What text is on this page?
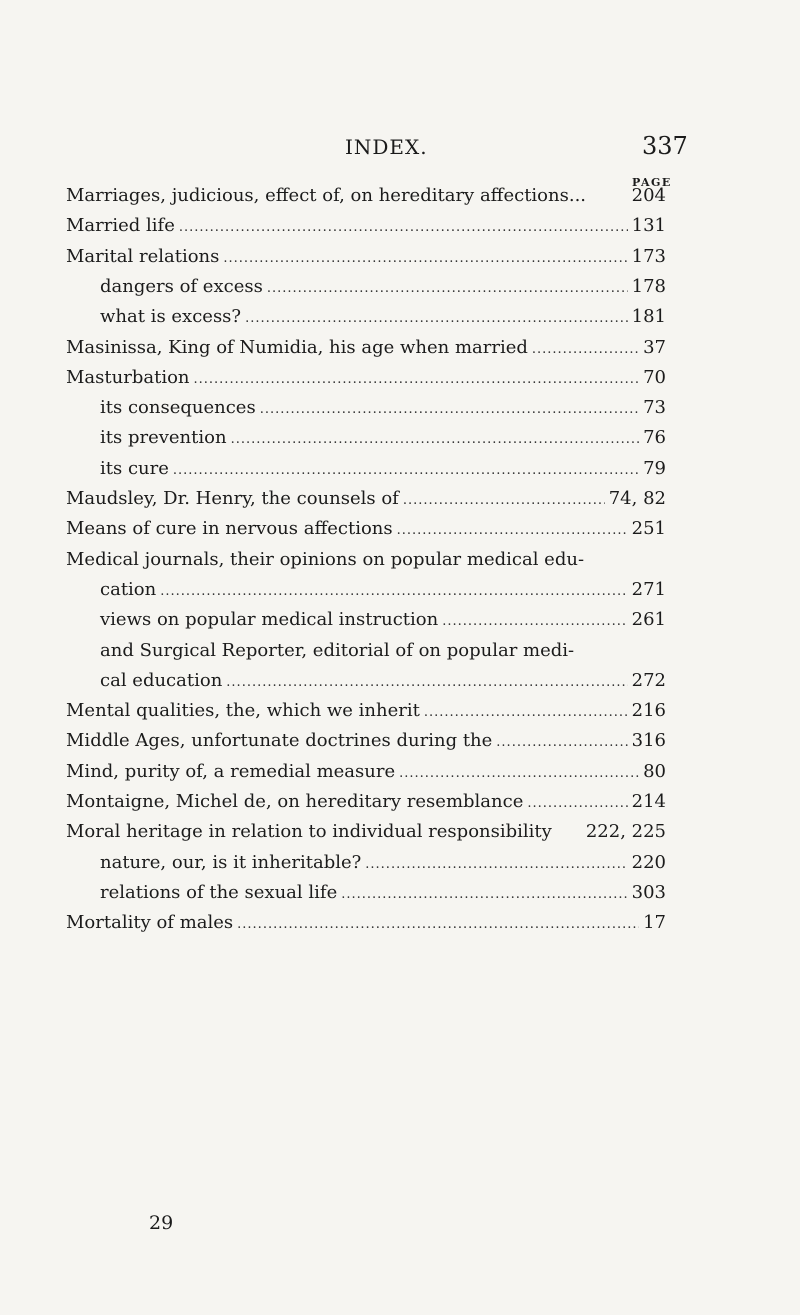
INDEX.	337
PAGE
Marriages, judicious, effect of, on hereditary affections...	204
Married life .....	131
Marital relations .....	173
dangers of excess .....	178
what is excess? .....	181
Masinissa, King of Numidia, his age when married .....	37
Masturbation .....	70
its consequences .....	73
its prevention .....	76
its cure .....	79
Maudsley, Dr. Henry, the counsels of .....	74, 82
Means of cure in nervous affections .....	251
Medical journals, their opinions on popular medical edu-
cation .....	271
views on popular medical instruction .....	261
and Surgical Reporter, editorial of on popular medi-
cal education .....	272
Mental qualities, the, which we inherit .....	216
Middle Ages, unfortunate doctrines during the .....	316
Mind, purity of, a remedial measure .....	80
Montaigne, Michel de, on hereditary resemblance .....	214
Moral heritage in relation to individual responsibility 222, 225
nature, our, is it inheritable? .....	220
relations of the sexual life .....	303
Mortality of males .....	17
29
